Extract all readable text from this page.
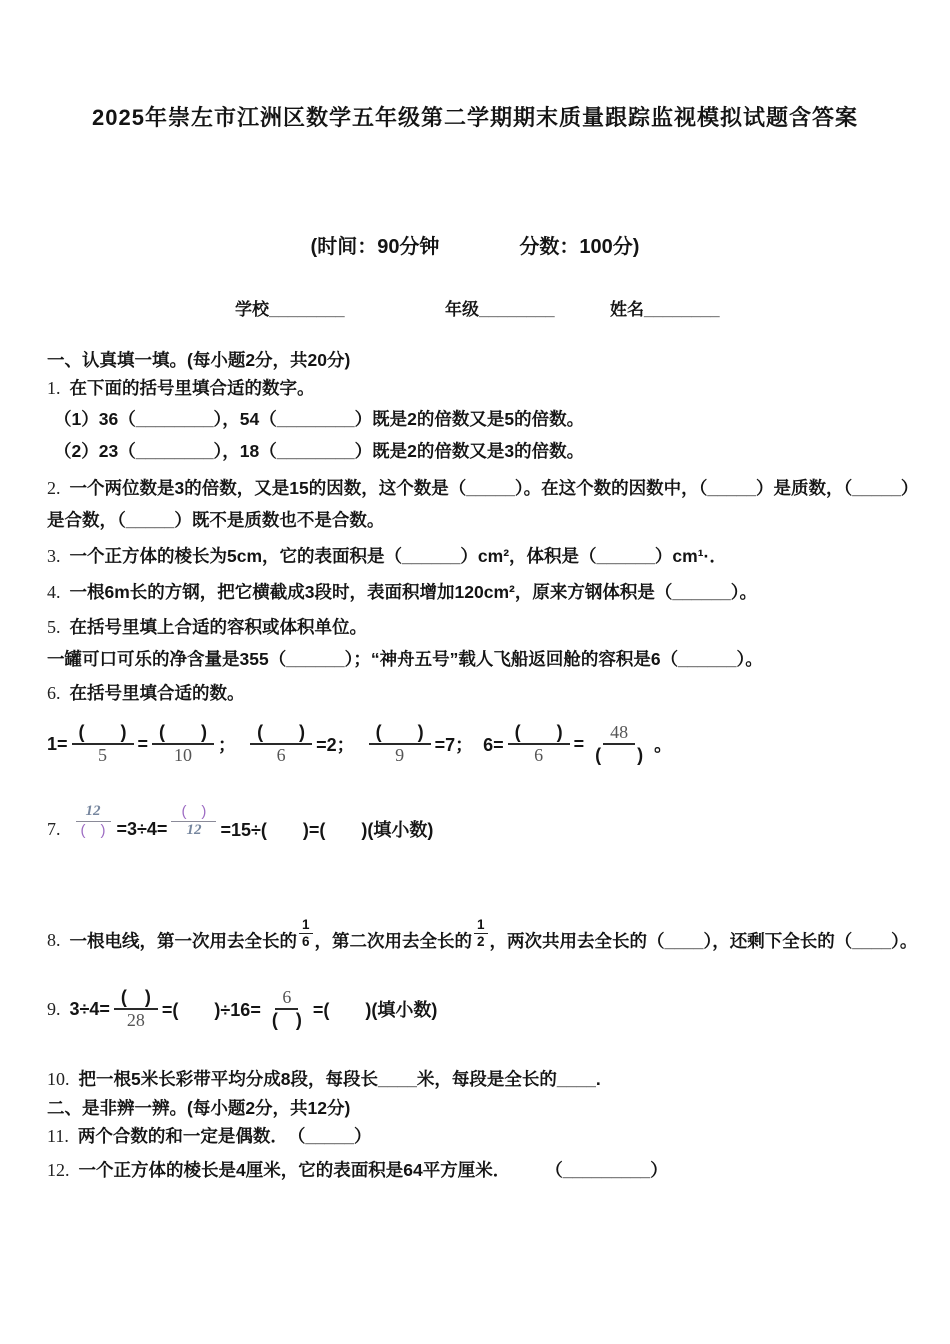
2025年崇左市江洲区数学五年级第二学期期末质量跟踪监视模拟试题含答案
(时间：90分钟　　　　分数：100分)
学校________	年级________	姓名________
一、认真填一填。(每小题2分，共20分)
1. 在下面的括号里填合适的数字。
（1）36（________），54（________）既是2的倍数又是5的倍数。
（2）23（________），18（________）既是2的倍数又是3的倍数。
2. 一个两位数是3的倍数，又是15的因数，这个数是（_____）。在这个数的因数中，（_____）是质数，（_____）
是合数，（_____）既不是质数也不是合数。
3. 一个正方体的棱长为5cm，它的表面积是（______）cm²，体积是（______）cm¹·．
4. 一根6m长的方钢，把它横截成3段时，表面积增加120cm²，原来方钢体积是（______）。
5. 在括号里填上合适的容积或体积单位。
一罐可口可乐的净含量是355（______）；“神舟五号”载人飞船返回舱的容积是6（______）。
6. 在括号里填合适的数。
1=
(　　)
5
=
(　　)
10	；
(　　)
6	=2；
(　　)
9	=7；  6=
(　　)
6
=
48
(　　) 。
7.
12
(　) =3÷4=
(　)
12	=15÷(　　)=(　　)(填小数)
8. 一根电线，第一次用去全长的
1
6 ，第二次用去全长的
1
2 ，两次共用去全长的（____），还剩下全长的（____）。
9. 3÷4=
(　)
28 =(　　)÷16=
6
(　) =(　　)(填小数)
10. 把一根5米长彩带平均分成8段，每段长____米，每段是全长的____.
二、是非辨一辨。(每小题2分，共12分)
11. 两个合数的和一定是偶数．　（_____）
12. 一个正方体的棱长是4厘米，它的表面积是64平方厘米．　　　（_________）
